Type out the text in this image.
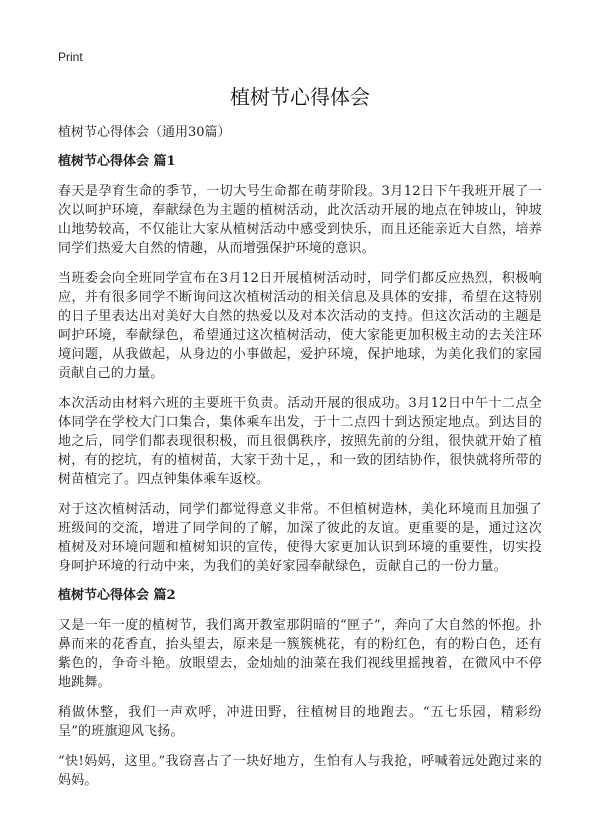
Print
植树节心得体会
植树节心得体会（通用30篇）
植树节心得体会 篇1

春天是孕育生命的季节，一切大号生命都在萌芽阶段。3月12日下午我班开展了一次以呵护环境，奉献绿色为主题的植树活动，此次活动开展的地点在钟坡山，钟坡山地势较高，不仅能让大家从植树活动中感受到快乐，而且还能亲近大自然，培养同学们热爱大自然的情趣，从而增强保护环境的意识。

当班委会向全班同学宣布在3月12日开展植树活动时，同学们都反应热烈，积极响应，并有很多同学不断询问这次植树活动的相关信息及具体的安排，希望在这特别的日子里表达出对美好大自然的热爱以及对本次活动的支持。但这次活动的主题是呵护环境，奉献绿色，希望通过这次植树活动，使大家能更加积极主动的去关注环境问题，从我做起，从身边的小事做起，爱护环境，保护地球，为美化我们的家园贡献自己的力量。

本次活动由材料六班的主要班干负责。活动开展的很成功。3月12日中午十二点全体同学在学校大门口集合，集体乘车出发，于十二点四十到达预定地点。到达目的地之后，同学们都表现很积极，而且很偶秩序，按照先前的分组，很快就开始了植树，有的挖坑，有的植树苗，大家干劲十足，，和一致的团结协作，很快就将所带的树苗植完了。四点钟集体乘车返校。

对于这次植树活动，同学们都觉得意义非常。不但植树造林，美化环境而且加强了班级间的交流，增进了同学间的了解，加深了彼此的友谊。更重要的是，通过这次植树及对环境问题和植树知识的宣传，使得大家更加认识到环境的重要性，切实投身呵护环境的行动中来，为我们的美好家园奉献绿色，贡献自己的一份力量。

植树节心得体会 篇2

又是一年一度的植树节，我们离开教室那阴暗的“匣子”，奔向了大自然的怀抱。扑鼻而来的花香直，抬头望去，原来是一簇簇桃花，有的粉红色，有的粉白色，还有紫色的，争奇斗艳。放眼望去，金灿灿的油菜在我们视线里摇拽着，在微风中不停地跳舞。

稍做休整，我们一声欢呼，冲进田野，往植树目的地跑去。“五七乐园，精彩纷呈”的班旗迎风飞扬。

“快!妈妈，这里。”我窃喜占了一块好地方，生怕有人与我抢，呼喊着远处跑过来的妈妈。
